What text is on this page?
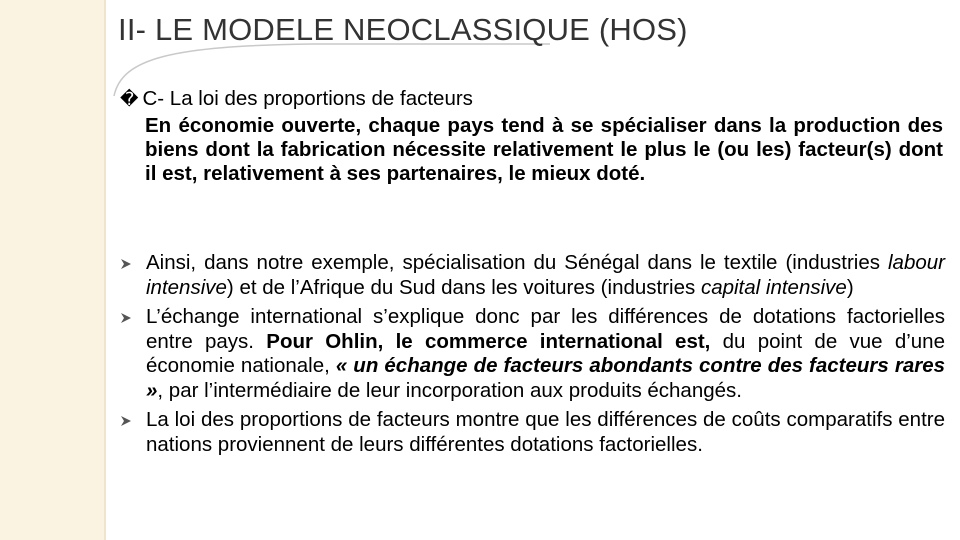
II- LE MODELE NEOCLASSIQUE (HOS)
� C- La loi des proportions de facteurs
En économie ouverte, chaque pays tend à se spécialiser dans la production des biens dont la fabrication nécessite relativement le plus le (ou les) facteur(s) dont il est, relativement à ses partenaires, le mieux doté.
Ainsi, dans notre exemple, spécialisation du Sénégal dans le textile (industries labour intensive) et de l’Afrique du Sud dans les voitures (industries capital intensive)
L’échange international s’explique donc par les différences de dotations factorielles entre pays. Pour Ohlin, le commerce international est, du point de vue d’une économie nationale, « un échange de facteurs abondants contre des facteurs rares », par l’intermédiaire de leur incorporation aux produits échangés.
La loi des proportions de facteurs montre que les différences de coûts comparatifs entre nations proviennent de leurs différentes dotations factorielles.
